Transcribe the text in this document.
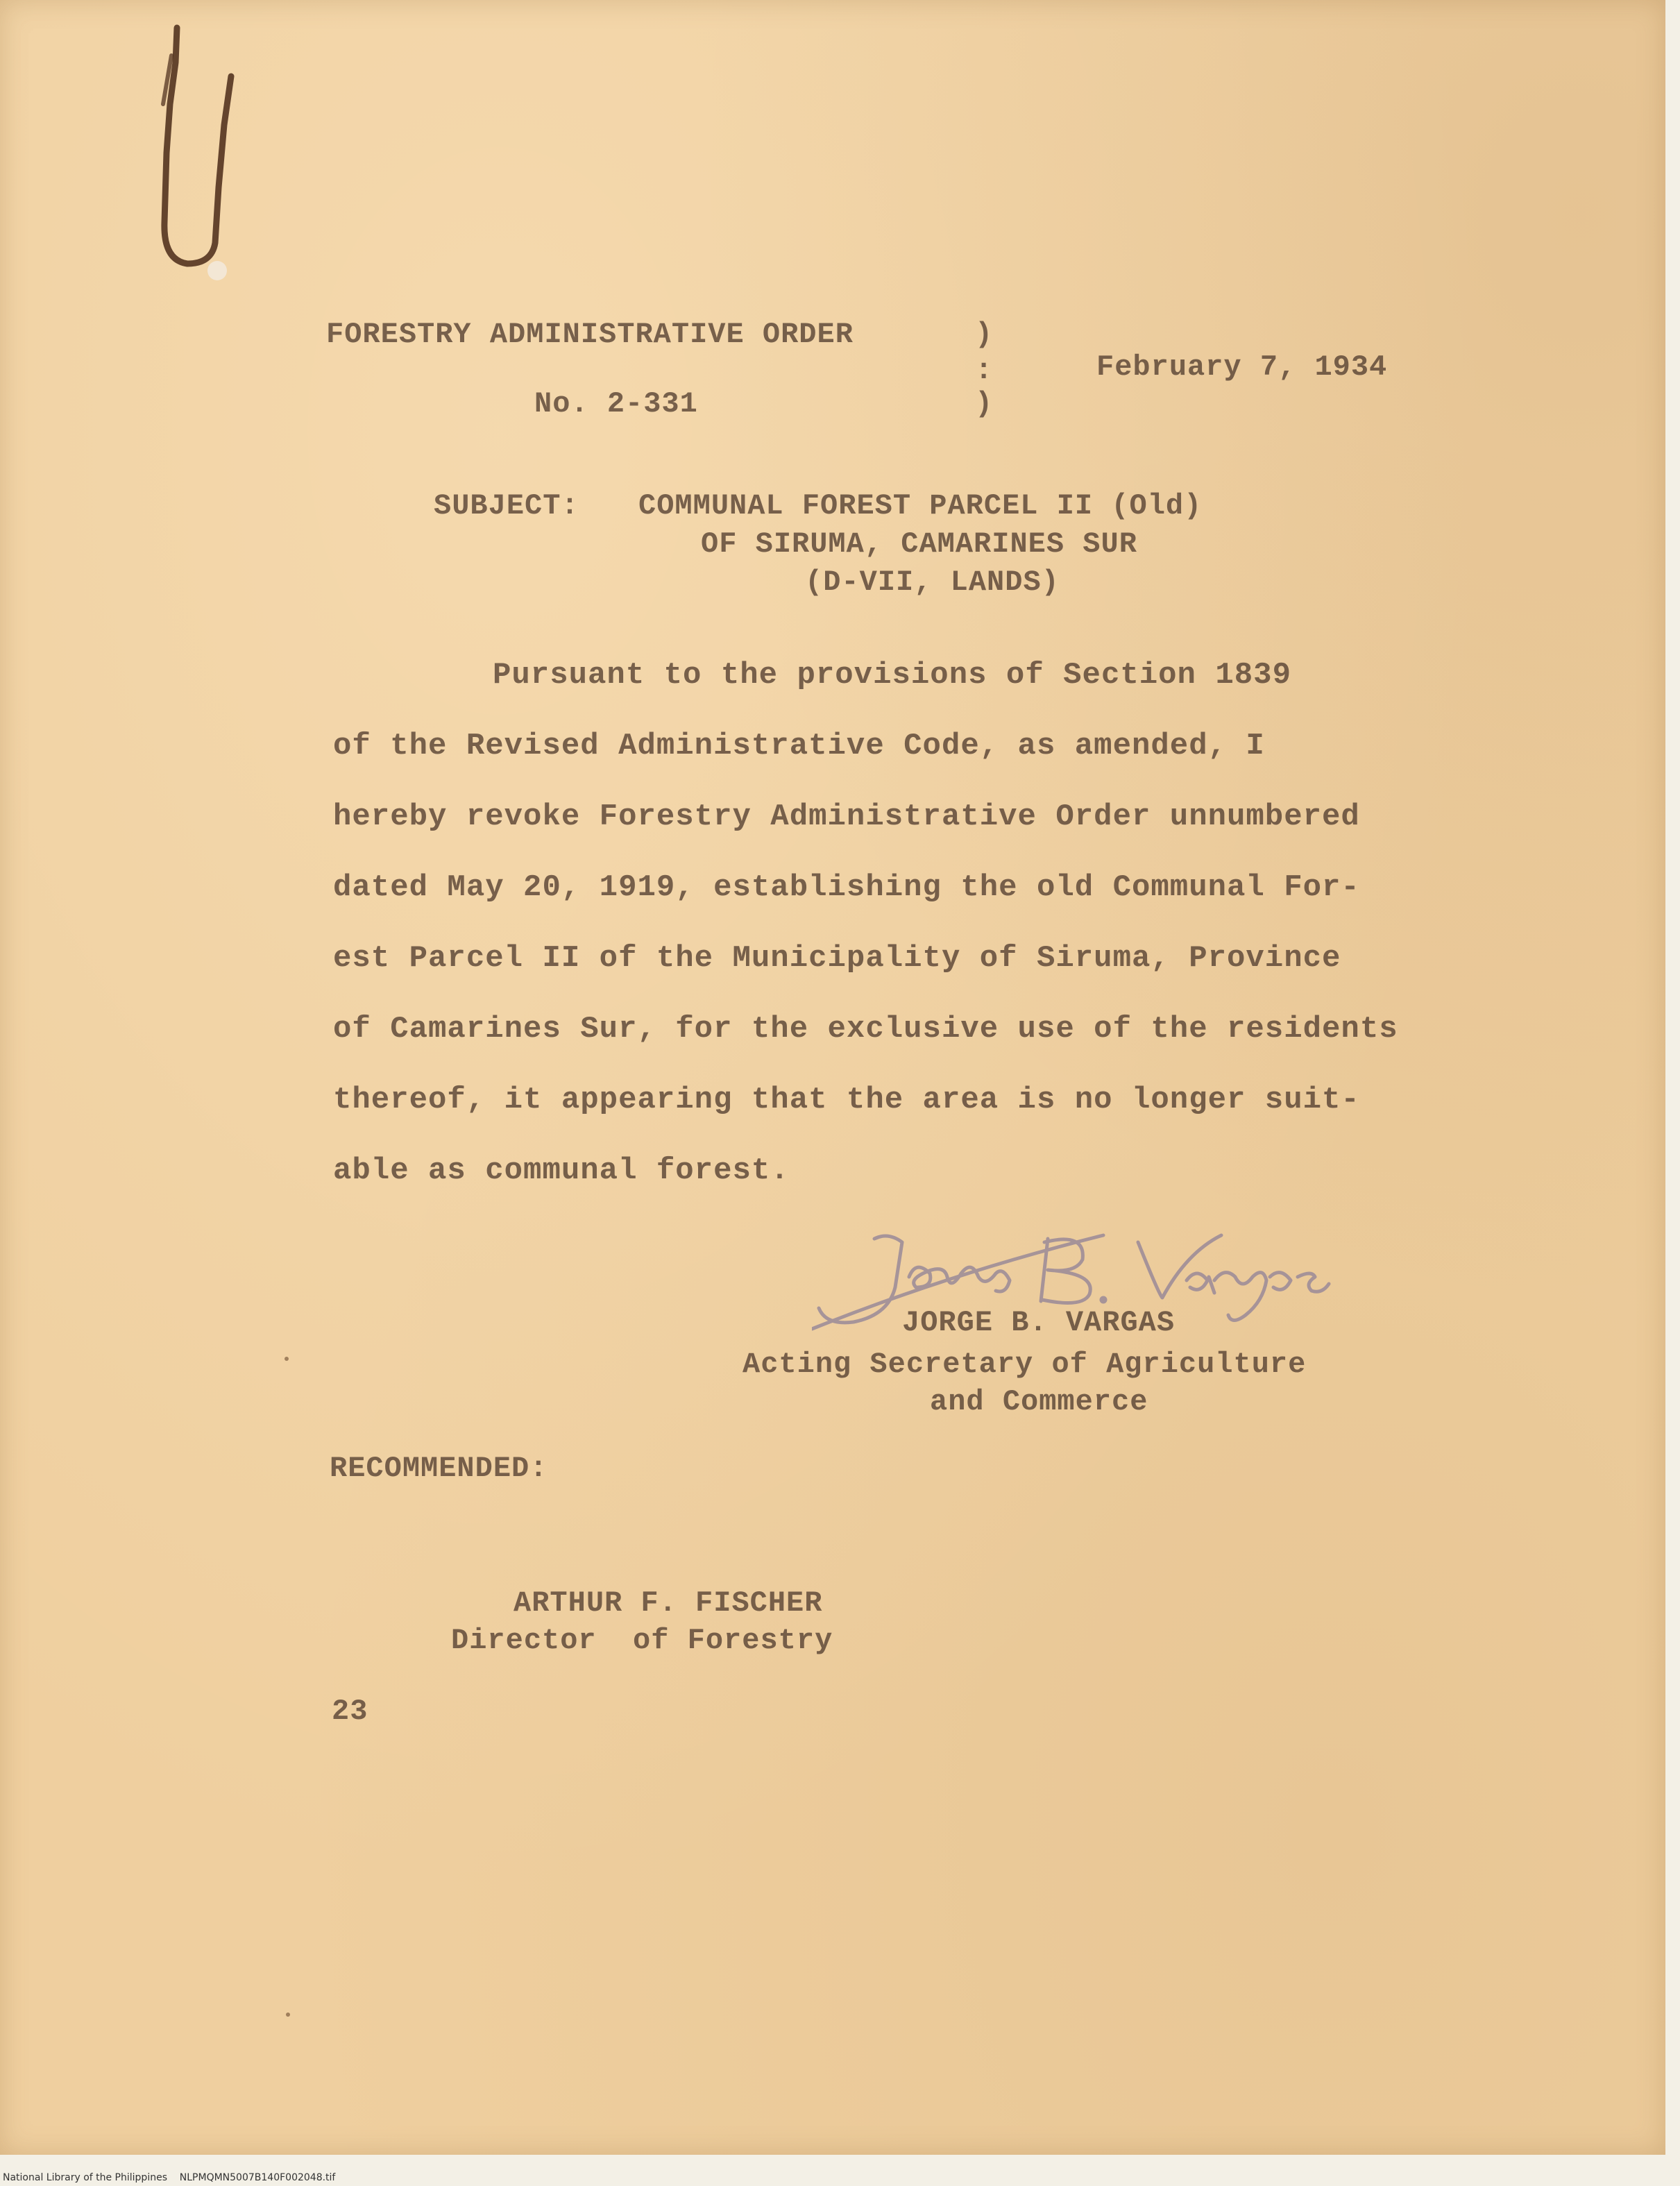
FORESTRY ADMINISTRATIVE ORDER
No. 2-331
)
:
)
February 7, 1934
SUBJECT: COMMUNAL FOREST PARCEL II (Old)
OF SIRUMA, CAMARINES SUR
(D-VII, LANDS)
Pursuant to the provisions of Section 1839
of the Revised Administrative Code, as amended, I
hereby revoke Forestry Administrative Order unnumbered
dated May 20, 1919, establishing the old Communal For-
est Parcel II of the Municipality of Siruma, Province
of Camarines Sur, for the exclusive use of the residents
thereof, it appearing that the area is no longer suit-
able as communal forest.
JORGE B. VARGAS
Acting Secretary of Agriculture
and Commerce
RECOMMENDED:
ARTHUR F. FISCHER
Director  of Forestry
23
National Library of the Philippines    NLPMQMN5007B140F002048.tif
